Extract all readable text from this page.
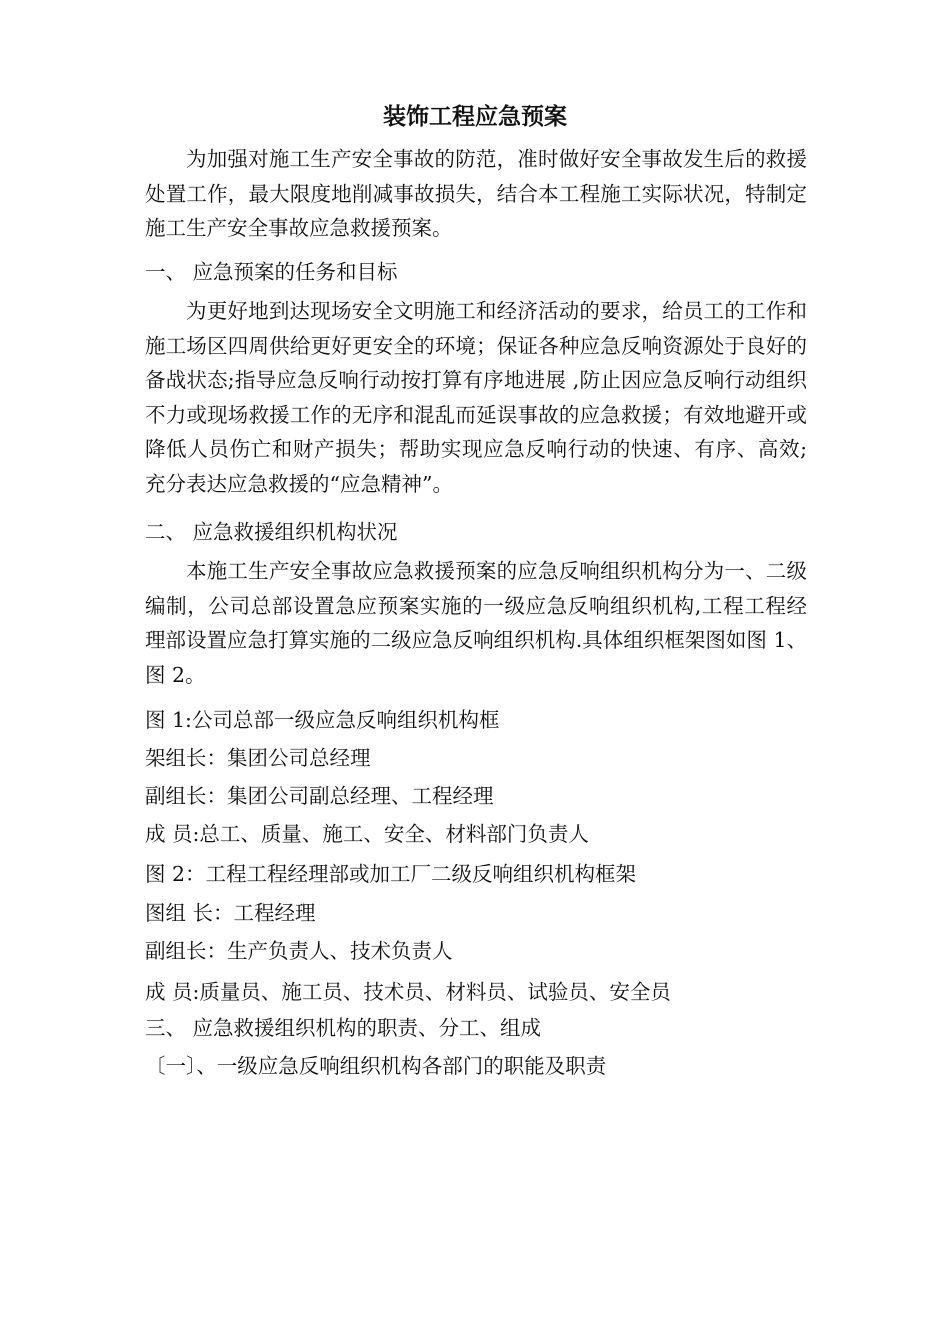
装饰工程应急预案

为加强对施工生产安全事故的防范，准时做好安全事故发生后的救援处置工作，最大限度地削减事故损失，结合本工程施工实际状况，特制定施工生产安全事故应急救援预案。

一、 应急预案的任务和目标

为更好地到达现场安全文明施工和经济活动的要求，给员工的工作和施工场区四周供给更好更安全的环境；保证各种应急反响资源处于良好的备战状态;指导应急反响行动按打算有序地进展 ,防止因应急反响行动组织不力或现场救援工作的无序和混乱而延误事故的应急救援；有效地避开或降低人员伤亡和财产损失；帮助实现应急反响行动的快速、有序、高效;充分表达应急救援的“应急精神”。

二、 应急救援组织机构状况

本施工生产安全事故应急救援预案的应急反响组织机构分为一、二级编制，公司总部设置急应预案实施的一级应急反响组织机构,工程工程经理部设置应急打算实施的二级应急反响组织机构.具体组织框架图如图 1、图 2。

图 1:公司总部一级应急反响组织机构框

架组长：集团公司总经理

副组长：集团公司副总经理、工程经理

成 员:总工、质量、施工、安全、材料部门负责人

图 2：工程工程经理部或加工厂二级反响组织机构框架

图组 长：工程经理

副组长：生产负责人、技术负责人

成 员:质量员、施工员、技术员、材料员、试验员、安全员

三、 应急救援组织机构的职责、分工、组成

〔一〕、一级应急反响组织机构各部门的职能及职责
